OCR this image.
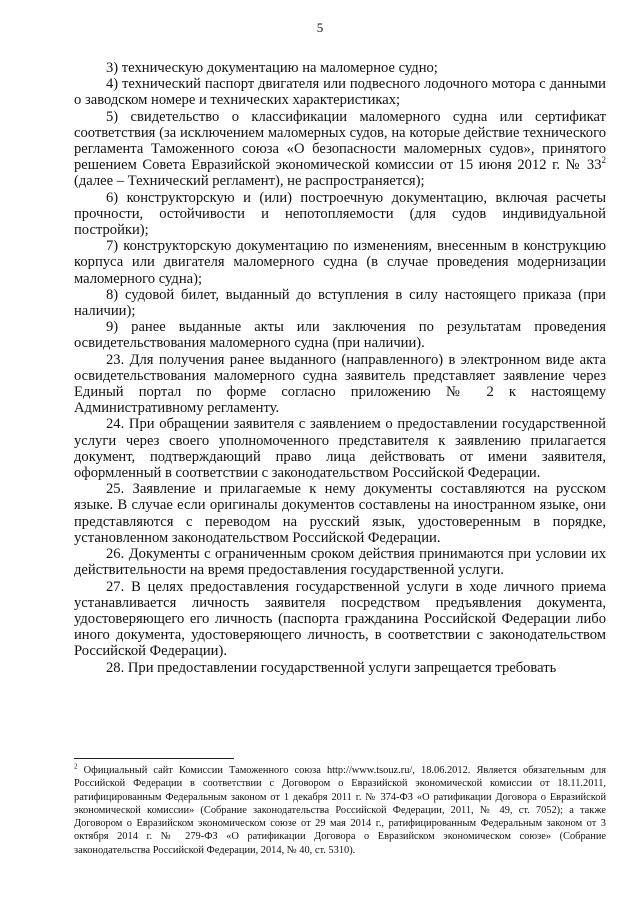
5

3) техническую документацию на маломерное судно;

4) технический паспорт двигателя или подвесного лодочного мотора с данными о заводском номере и технических характеристиках;

5) свидетельство о классификации маломерного судна или сертификат соответствия (за исключением маломерных судов, на которые действие технического регламента Таможенного союза «О безопасности маломерных судов», принятого решением Совета Евразийской экономической комиссии от 15 июня 2012 г. № $33^2$ (далее – Технический регламент), не распространяется);

6) конструкторскую и (или) построечную документацию, включая расчеты прочности, остойчивости и непотопляемости (для судов индивидуальной постройки);

7) конструкторскую документацию по изменениям, внесенным в конструкцию корпуса или двигателя маломерного судна (в случае проведения модернизации маломерного судна);

8) судовой билет, выданный до вступления в силу настоящего приказа (при наличии);

9) ранее выданные акты или заключения по результатам проведения освидетельствования маломерного судна (при наличии).

23. Для получения ранее выданного (направленного) в электронном виде акта освидетельствования маломерного судна заявитель представляет заявление через Единый портал по форме согласно приложению № 2 к настоящему Административному регламенту.

24. При обращении заявителя с заявлением о предоставлении государственной услуги через своего уполномоченного представителя к заявлению прилагается документ, подтверждающий право лица действовать от имени заявителя, оформленный в соответствии с законодательством Российской Федерации.

25. Заявление и прилагаемые к нему документы составляются на русском языке. В случае если оригиналы документов составлены на иностранном языке, они представляются с переводом на русский язык, удостоверенным в порядке, установленном законодательством Российской Федерации.

26. Документы с ограниченным сроком действия принимаются при условии их действительности на время предоставления государственной услуги.

27. В целях предоставления государственной услуги в ходе личного приема устанавливается личность заявителя посредством предъявления документа, удостоверяющего его личность (паспорта гражданина Российской Федерации либо иного документа, удостоверяющего личность, в соответствии с законодательством Российской Федерации).

28. При предоставлении государственной услуги запрещается требовать

$^2$ Официальный сайт Комиссии Таможенного союза http://www.tsouz.ru/, 18.06.2012. Является обязательным для Российской Федерации в соответствии с Договором о Евразийской экономической комиссии от 18.11.2011, ратифицированным Федеральным законом от 1 декабря 2011 г. № 374-ФЗ «О ратификации Договора о Евразийской экономической комиссии» (Собрание законодательства Российской Федерации, 2011, № 49, ст. 7052); а также Договором о Евразийском экономическом союзе от 29 мая 2014 г., ратифицированным Федеральным законом от 3 октября 2014 г. № 279-ФЗ «О ратификации Договора о Евразийском экономическом союзе» (Собрание законодательства Российской Федерации, 2014, № 40, ст. 5310).
